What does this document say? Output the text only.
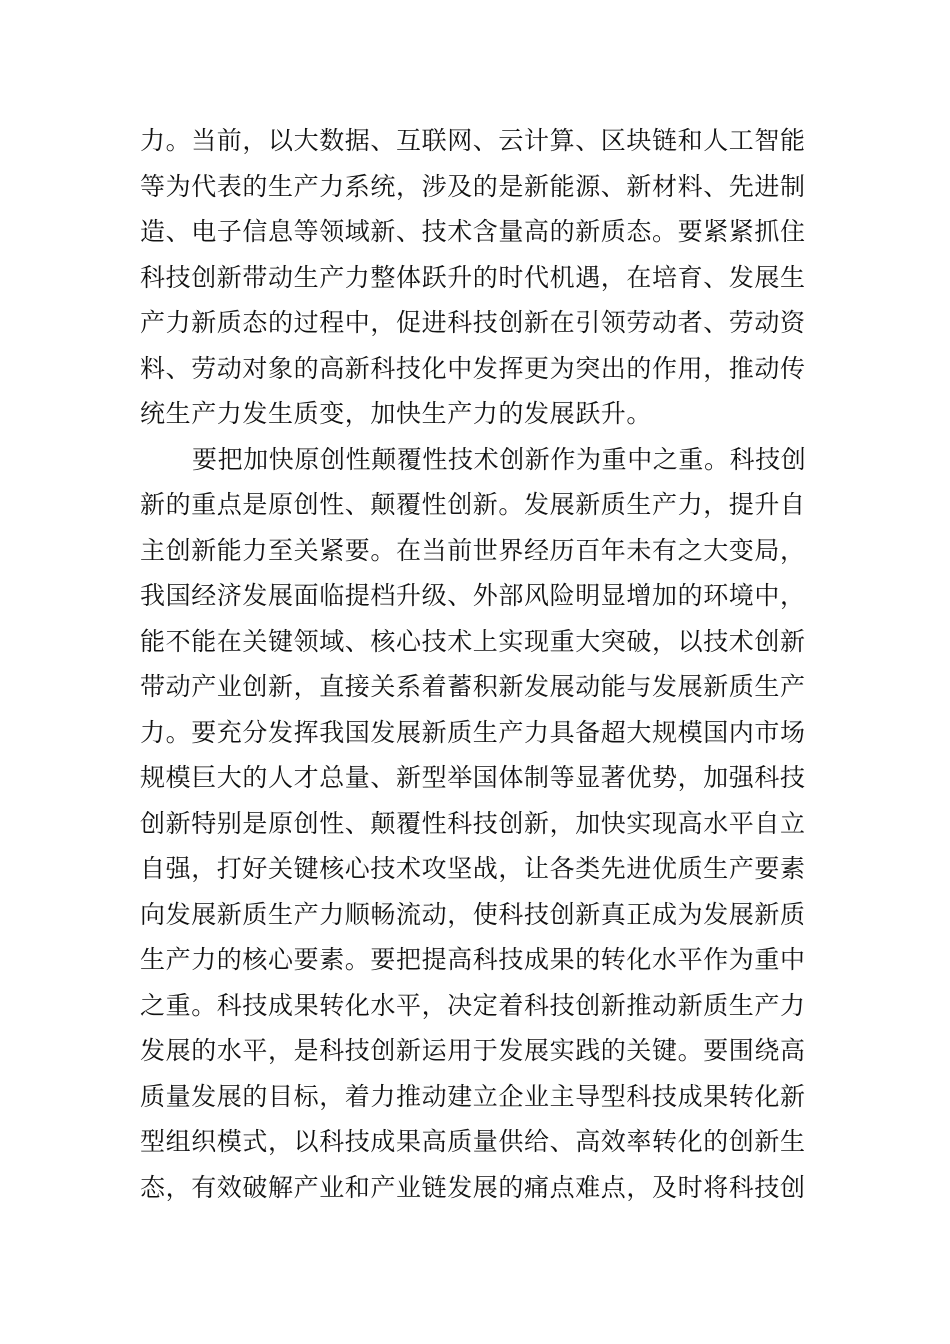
力。当前，以大数据、互联网、云计算、区块链和人工智能
等为代表的生产力系统，涉及的是新能源、新材料、先进制
造、电子信息等领域新、技术含量高的新质态。要紧紧抓住
科技创新带动生产力整体跃升的时代机遇，在培育、发展生
产力新质态的过程中，促进科技创新在引领劳动者、劳动资
料、劳动对象的高新科技化中发挥更为突出的作用，推动传
统生产力发生质变，加快生产力的发展跃升。
要把加快原创性颠覆性技术创新作为重中之重。科技创
新的重点是原创性、颠覆性创新。发展新质生产力，提升自
主创新能力至关紧要。在当前世界经历百年未有之大变局，
我国经济发展面临提档升级、外部风险明显增加的环境中，
能不能在关键领域、核心技术上实现重大突破，以技术创新
带动产业创新，直接关系着蓄积新发展动能与发展新质生产
力。要充分发挥我国发展新质生产力具备超大规模国内市场
规模巨大的人才总量、新型举国体制等显著优势，加强科技
创新特别是原创性、颠覆性科技创新，加快实现高水平自立
自强，打好关键核心技术攻坚战，让各类先进优质生产要素
向发展新质生产力顺畅流动，使科技创新真正成为发展新质
生产力的核心要素。要把提高科技成果的转化水平作为重中
之重。科技成果转化水平，决定着科技创新推动新质生产力
发展的水平，是科技创新运用于发展实践的关键。要围绕高
质量发展的目标，着力推动建立企业主导型科技成果转化新
型组织模式，以科技成果高质量供给、高效率转化的创新生
态，有效破解产业和产业链发展的痛点难点，及时将科技创
